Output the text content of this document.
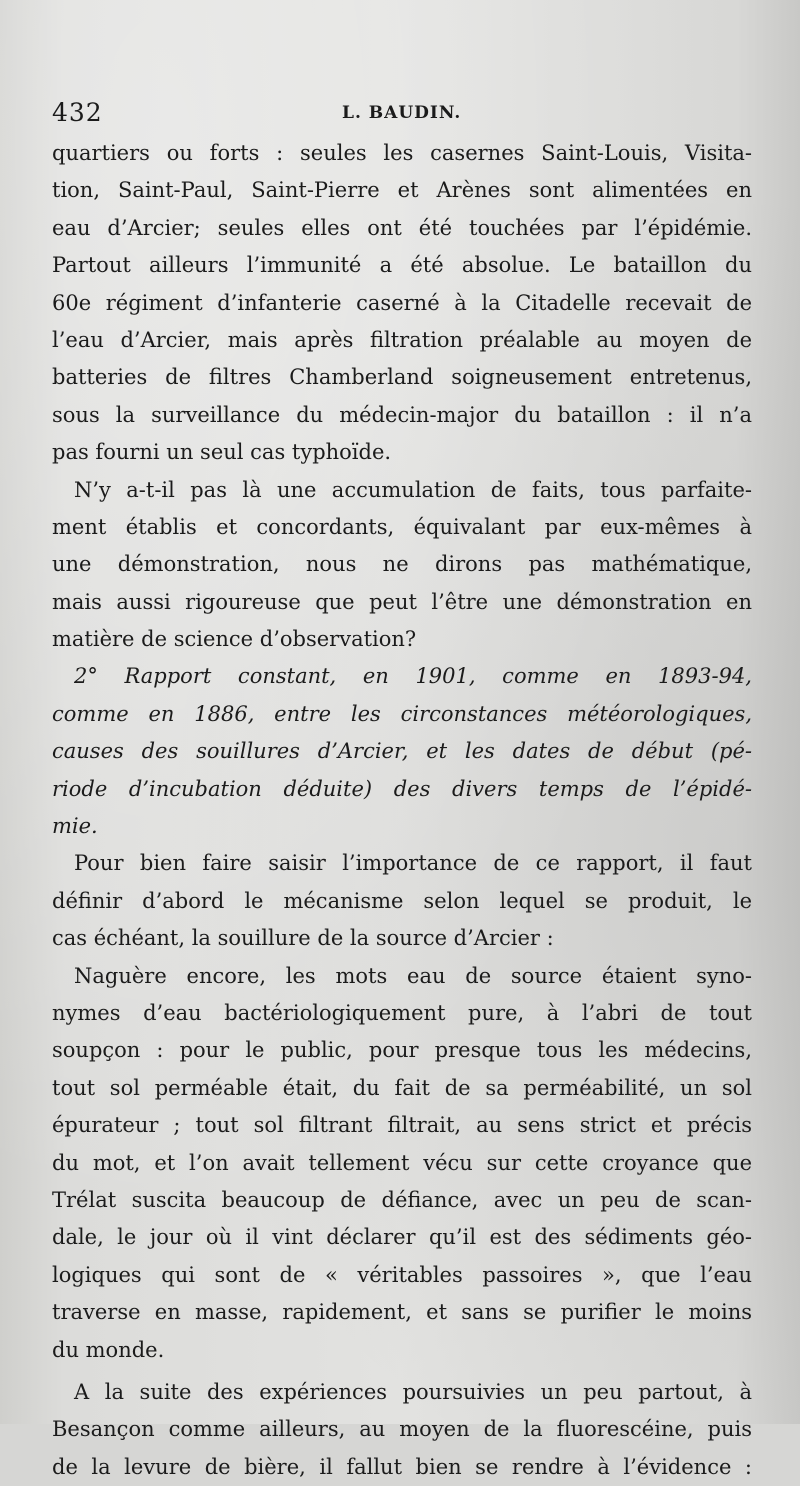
432	L. BAUDIN.
quartiers ou forts : seules les casernes Saint-Louis, Visita-
tion, Saint-Paul, Saint-Pierre et Arènes sont alimentées en
eau d’Arcier; seules elles ont été touchées par l’épidémie.
Partout ailleurs l’immunité a été absolue. Le bataillon du
60e régiment d’infanterie caserné à la Citadelle recevait de
l’eau d’Arcier, mais après filtration préalable au moyen de
batteries de filtres Chamberland soigneusement entretenus,
sous la surveillance du médecin-major du bataillon : il n’a
pas fourni un seul cas typhoïde.
N’y a-t-il pas là une accumulation de faits, tous parfaite-
ment établis et concordants, équivalant par eux-mêmes à
une démonstration, nous ne dirons pas mathématique,
mais aussi rigoureuse que peut l’être une démonstration en
matière de science d’observation?
2° Rapport constant, en 1901, comme en 1893-94,
comme en 1886, entre les circonstances météorologiques,
causes des souillures d’Arcier, et les dates de début (pé-
riode d’incubation déduite) des divers temps de l’épidé-
mie.
Pour bien faire saisir l’importance de ce rapport, il faut
définir d’abord le mécanisme selon lequel se produit, le
cas échéant, la souillure de la source d’Arcier :
Naguère encore, les mots eau de source étaient syno-
nymes d’eau bactériologiquement pure, à l’abri de tout
soupçon : pour le public, pour presque tous les médecins,
tout sol perméable était, du fait de sa perméabilité, un sol
épurateur ; tout sol filtrant filtrait, au sens strict et précis
du mot, et l’on avait tellement vécu sur cette croyance que
Trélat suscita beaucoup de défiance, avec un peu de scan-
dale, le jour où il vint déclarer qu’il est des sédiments géo-
logiques qui sont de « véritables passoires », que l’eau
traverse en masse, rapidement, et sans se purifier le moins
du monde.
A la suite des expériences poursuivies un peu partout, à
Besançon comme ailleurs, au moyen de la fluorescéine, puis
de la levure de bière, il fallut bien se rendre à l’évidence :
